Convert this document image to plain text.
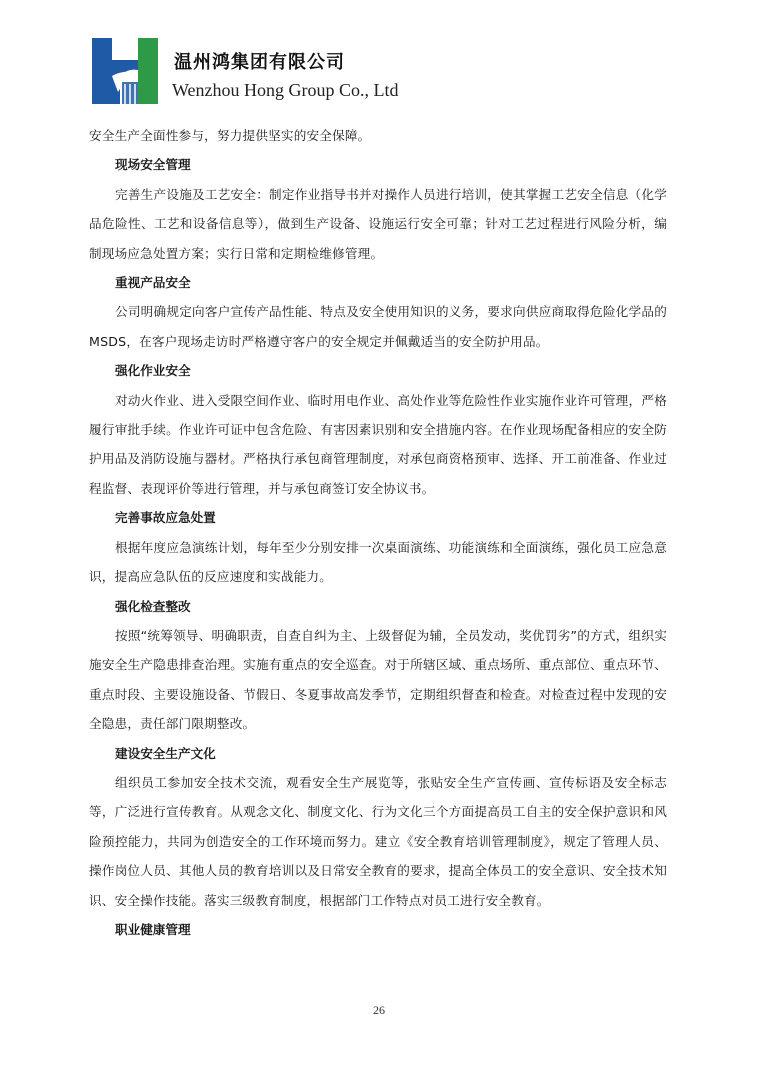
温州鸿集团有限公司
Wenzhou Hong Group Co., Ltd

安全生产全面性参与，努力提供坚实的安全保障。

现场安全管理

完善生产设施及工艺安全：制定作业指导书并对操作人员进行培训，使其掌握工艺安全信息（化学品危险性、工艺和设备信息等），做到生产设备、设施运行安全可靠；针对工艺过程进行风险分析，编制现场应急处置方案；实行日常和定期检维修管理。

重视产品安全

公司明确规定向客户宣传产品性能、特点及安全使用知识的义务，要求向供应商取得危险化学品的MSDS，在客户现场走访时严格遵守客户的安全规定并佩戴适当的安全防护用品。

强化作业安全

对动火作业、进入受限空间作业、临时用电作业、高处作业等危险性作业实施作业许可管理，严格履行审批手续。作业许可证中包含危险、有害因素识别和安全措施内容。在作业现场配备相应的安全防护用品及消防设施与器材。严格执行承包商管理制度，对承包商资格预审、选择、开工前准备、作业过程监督、表现评价等进行管理，并与承包商签订安全协议书。

完善事故应急处置

根据年度应急演练计划，每年至少分别安排一次桌面演练、功能演练和全面演练，强化员工应急意识，提高应急队伍的反应速度和实战能力。

强化检查整改

按照“统筹领导、明确职责，自查自纠为主、上级督促为辅，全员发动，奖优罚劣”的方式，组织实施安全生产隐患排查治理。实施有重点的安全巡查。对于所辖区域、重点场所、重点部位、重点环节、重点时段、主要设施设备、节假日、冬夏事故高发季节，定期组织督查和检查。对检查过程中发现的安全隐患，责任部门限期整改。

建设安全生产文化

组织员工参加安全技术交流，观看安全生产展览等，张贴安全生产宣传画、宣传标语及安全标志等，广泛进行宣传教育。从观念文化、制度文化、行为文化三个方面提高员工自主的安全保护意识和风险预控能力，共同为创造安全的工作环境而努力。建立《安全教育培训管理制度》，规定了管理人员、操作岗位人员、其他人员的教育培训以及日常安全教育的要求，提高全体员工的安全意识、安全技术知识、安全操作技能。落实三级教育制度，根据部门工作特点对员工进行安全教育。

职业健康管理

26
